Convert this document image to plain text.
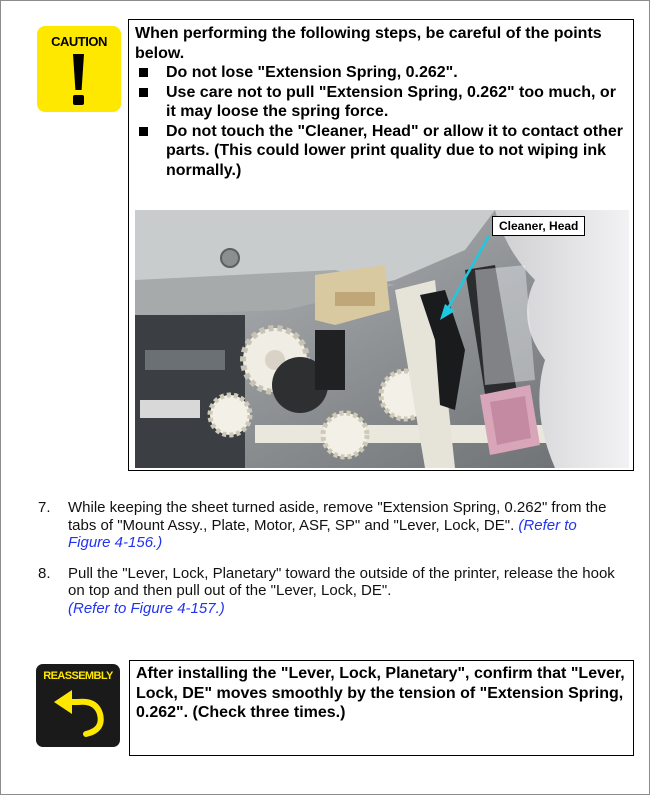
CAUTION	When performing the following steps, be careful of the points below.
Do not lose "Extension Spring, 0.262".
Use care not to pull "Extension Spring, 0.262" too much, or it may loose the spring force.
Do not touch the "Cleaner, Head" or allow it to contact other parts. (This could lower print quality due to not wiping ink normally.)
Cleaner, Head
7.	While keeping the sheet turned aside, remove "Extension Spring, 0.262" from the tabs of "Mount Assy., Plate, Motor, ASF, SP" and "Lever, Lock, DE". (Refer to Figure 4-156.)
8.	Pull the "Lever, Lock, Planetary" toward the outside of the printer, release the hook on top and then pull out of the "Lever, Lock, DE".
(Refer to Figure 4-157.)
REASSEMBLY	After installing the "Lever, Lock, Planetary", confirm that "Lever, Lock, DE" moves smoothly by the tension of "Extension Spring, 0.262". (Check three times.)
